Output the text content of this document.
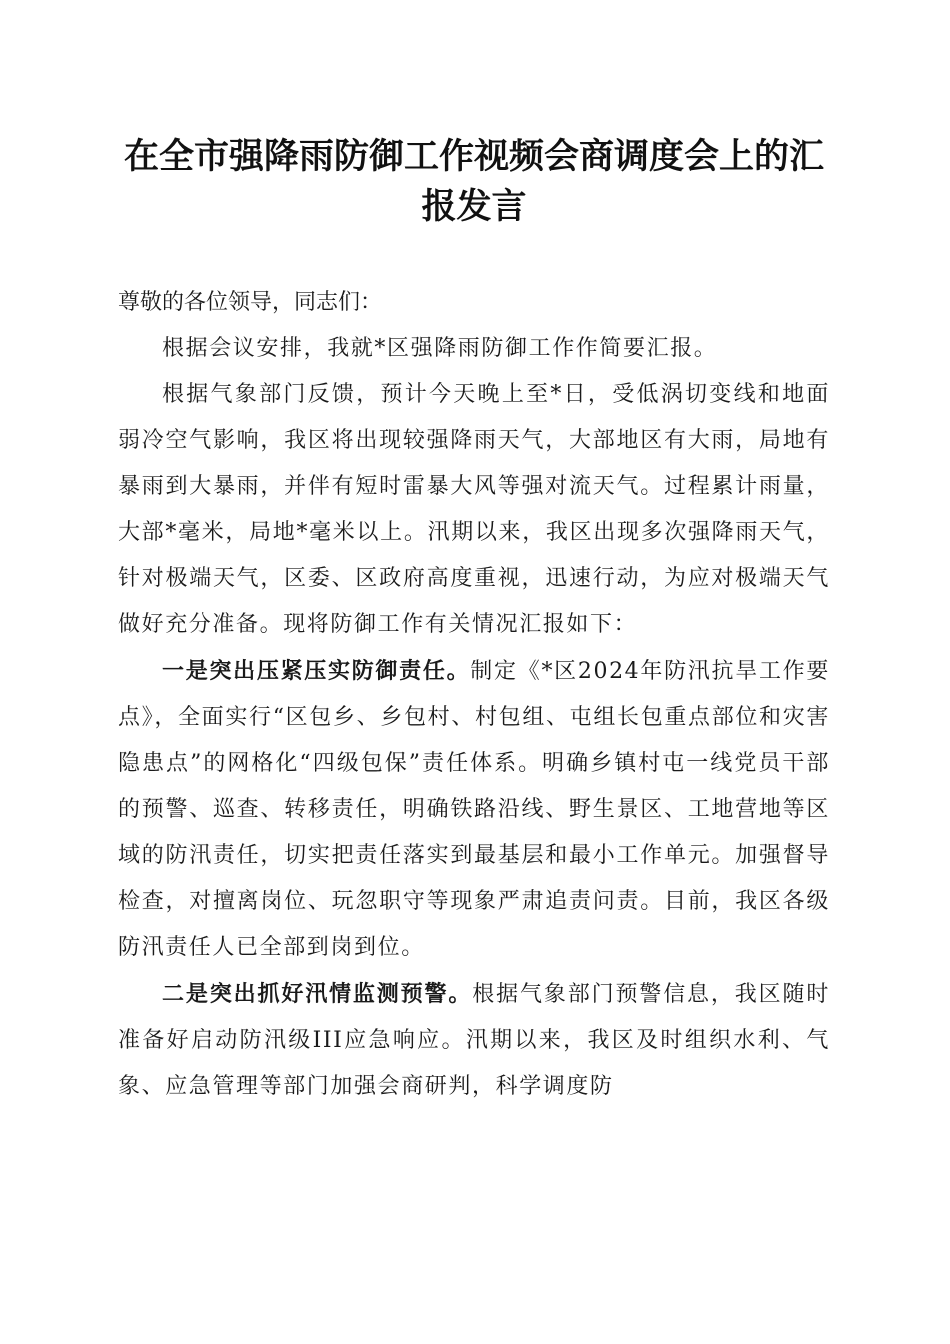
在全市强降雨防御工作视频会商调度会上的汇报发言

尊敬的各位领导，同志们：

根据会议安排，我就*区强降雨防御工作作简要汇报。

根据气象部门反馈，预计今天晚上至*日，受低涡切变线和地面弱冷空气影响，我区将出现较强降雨天气，大部地区有大雨，局地有暴雨到大暴雨，并伴有短时雷暴大风等强对流天气。过程累计雨量，大部*毫米，局地*毫米以上。汛期以来，我区出现多次强降雨天气，针对极端天气，区委、区政府高度重视，迅速行动，为应对极端天气做好充分准备。现将防御工作有关情况汇报如下：

一是突出压紧压实防御责任。制定《*区2024年防汛抗旱工作要点》，全面实行“区包乡、乡包村、村包组、屯组长包重点部位和灾害隐患点”的网格化“四级包保”责任体系。明确乡镇村屯一线党员干部的预警、巡查、转移责任，明确铁路沿线、野生景区、工地营地等区域的防汛责任，切实把责任落实到最基层和最小工作单元。加强督导检查，对擅离岗位、玩忽职守等现象严肃追责问责。目前，我区各级防汛责任人已全部到岗到位。

二是突出抓好汛情监测预警。根据气象部门预警信息，我区随时准备好启动防汛级III应急响应。汛期以来，我区及时组织水利、气象、应急管理等部门加强会商研判，科学调度防
